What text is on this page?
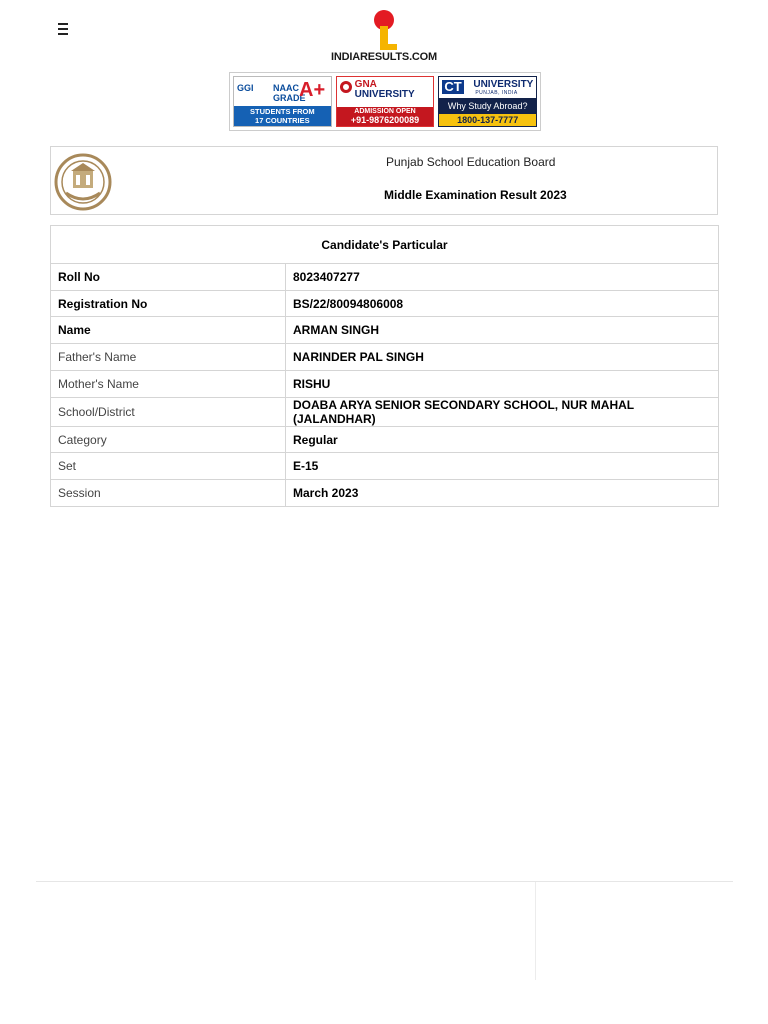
INDIARESULTS.COM
GGI NAAC GRADE
A+
STUDENTS FROM
17 COUNTRIES
GNA
UNIVERSITY
ADMISSION OPEN
+91-9876200089
CT UNIVERSITY
PUNJAB, INDIA
Why Study Abroad?
1800-137-7777
Punjab School Education Board
Middle Examination Result 2023
Candidate's Particular	
Roll No	8023407277
Registration No	BS/22/80094806008
Name	ARMAN SINGH
Father's Name	NARINDER PAL SINGH
Mother's Name	RISHU
School/District	DOABA ARYA SENIOR SECONDARY SCHOOL, NUR MAHAL (JALANDHAR)
Category	Regular
Set	E-15
Session	March 2023
